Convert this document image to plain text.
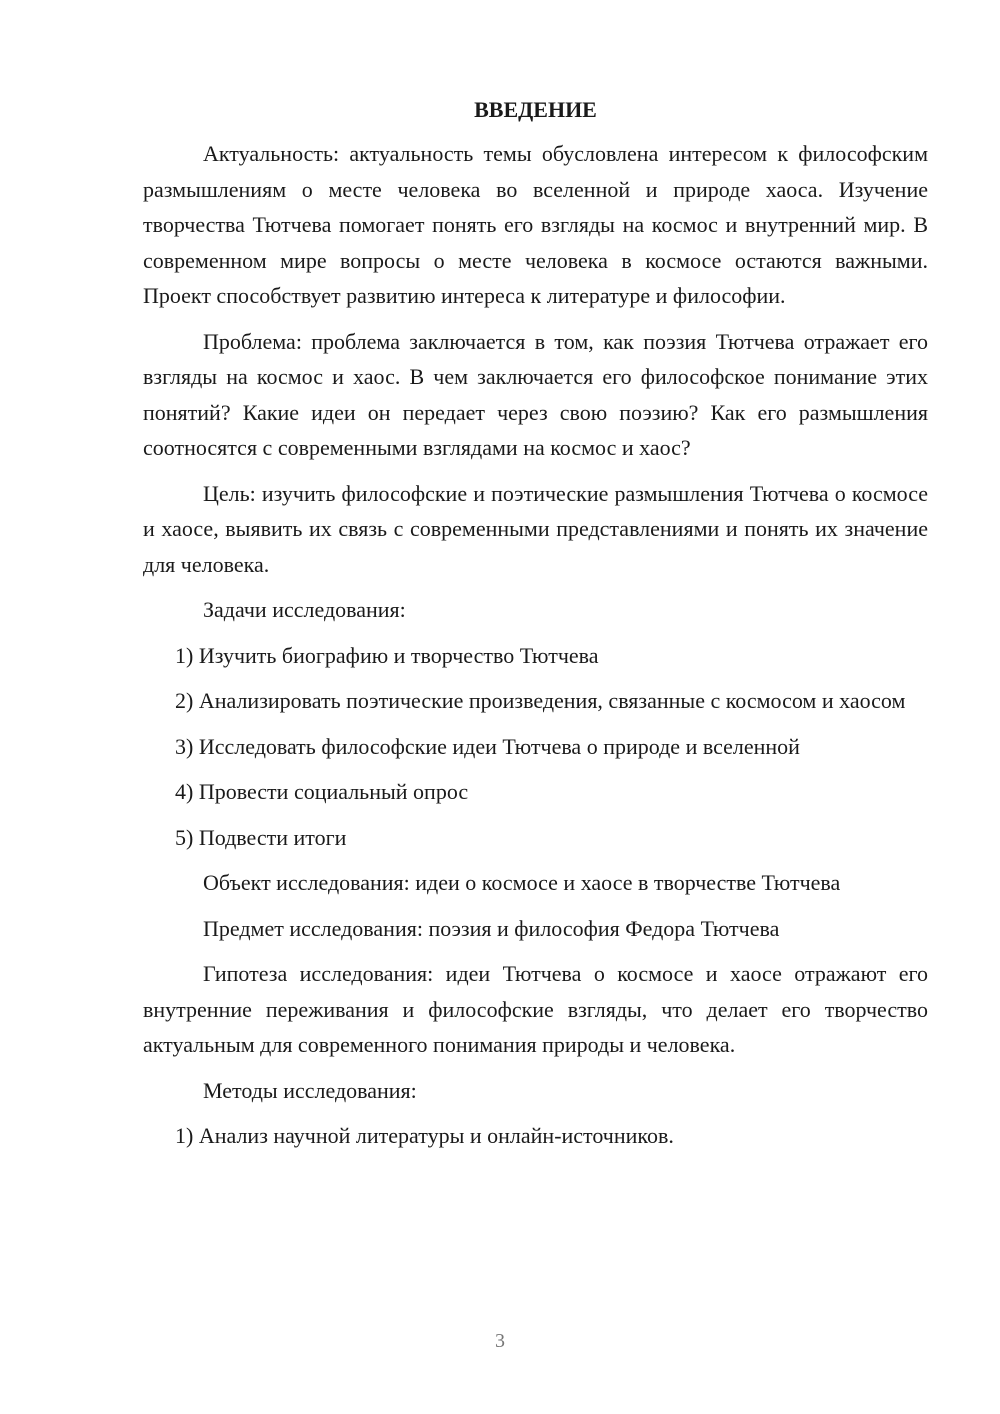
ВВЕДЕНИЕ
Актуальность: актуальность темы обусловлена интересом к философским размышлениям о месте человека во вселенной и природе хаоса. Изучение творчества Тютчева помогает понять его взгляды на космос и внутренний мир. В современном мире вопросы о месте человека в космосе остаются важными. Проект способствует развитию интереса к литературе и философии.
Проблема: проблема заключается в том, как поэзия Тютчева отражает его взгляды на космос и хаос. В чем заключается его философское понимание этих понятий? Какие идеи он передает через свою поэзию? Как его размышления соотносятся с современными взглядами на космос и хаос?
Цель: изучить философские и поэтические размышления Тютчева о космосе и хаосе, выявить их связь с современными представлениями и понять их значение для человека.
Задачи исследования:
1) Изучить биографию и творчество Тютчева
2) Анализировать поэтические произведения, связанные с космосом и хаосом
3) Исследовать философские идеи Тютчева о природе и вселенной
4) Провести социальный опрос
5) Подвести итоги
Объект исследования: идеи о космосе и хаосе в творчестве Тютчева
Предмет исследования: поэзия и философия Федора Тютчева
Гипотеза исследования: идеи Тютчева о космосе и хаосе отражают его внутренние переживания и философские взгляды, что делает его творчество актуальным для современного понимания природы и человека.
Методы исследования:
1) Анализ научной литературы и онлайн-источников.
3
